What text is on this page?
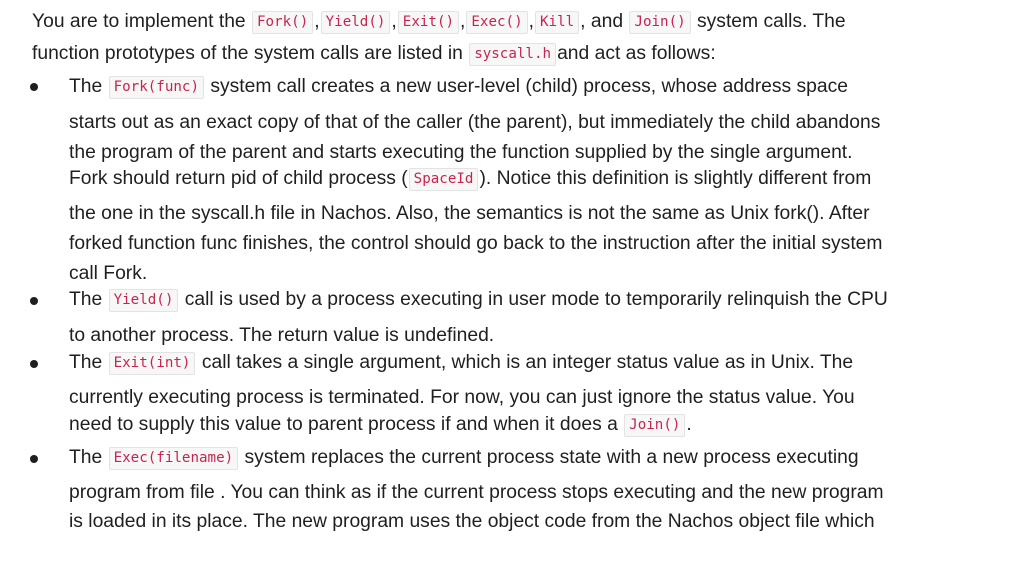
You are to implement the Fork() , Yield() , Exit() , Exec() , Kill , and Join() system calls. The
function prototypes of the system calls are listed in syscall.h and act as follows:
The Fork(func) system call creates a new user-level (child) process, whose address space
starts out as an exact copy of that of the caller (the parent), but immediately the child abandons
the program of the parent and starts executing the function supplied by the single argument.
Fork should return pid of child process ( SpaceId ). Notice this definition is slightly different from
the one in the syscall.h file in Nachos. Also, the semantics is not the same as Unix fork(). After
forked function func finishes, the control should go back to the instruction after the initial system
call Fork.
The Yield() call is used by a process executing in user mode to temporarily relinquish the CPU
to another process. The return value is undefined.
The Exit(int) call takes a single argument, which is an integer status value as in Unix. The
currently executing process is terminated. For now, you can just ignore the status value. You
need to supply this value to parent process if and when it does a Join() .
The Exec(filename) system replaces the current process state with a new process executing
program from file . You can think as if the current process stops executing and the new program
is loaded in its place. The new program uses the object code from the Nachos object file which
